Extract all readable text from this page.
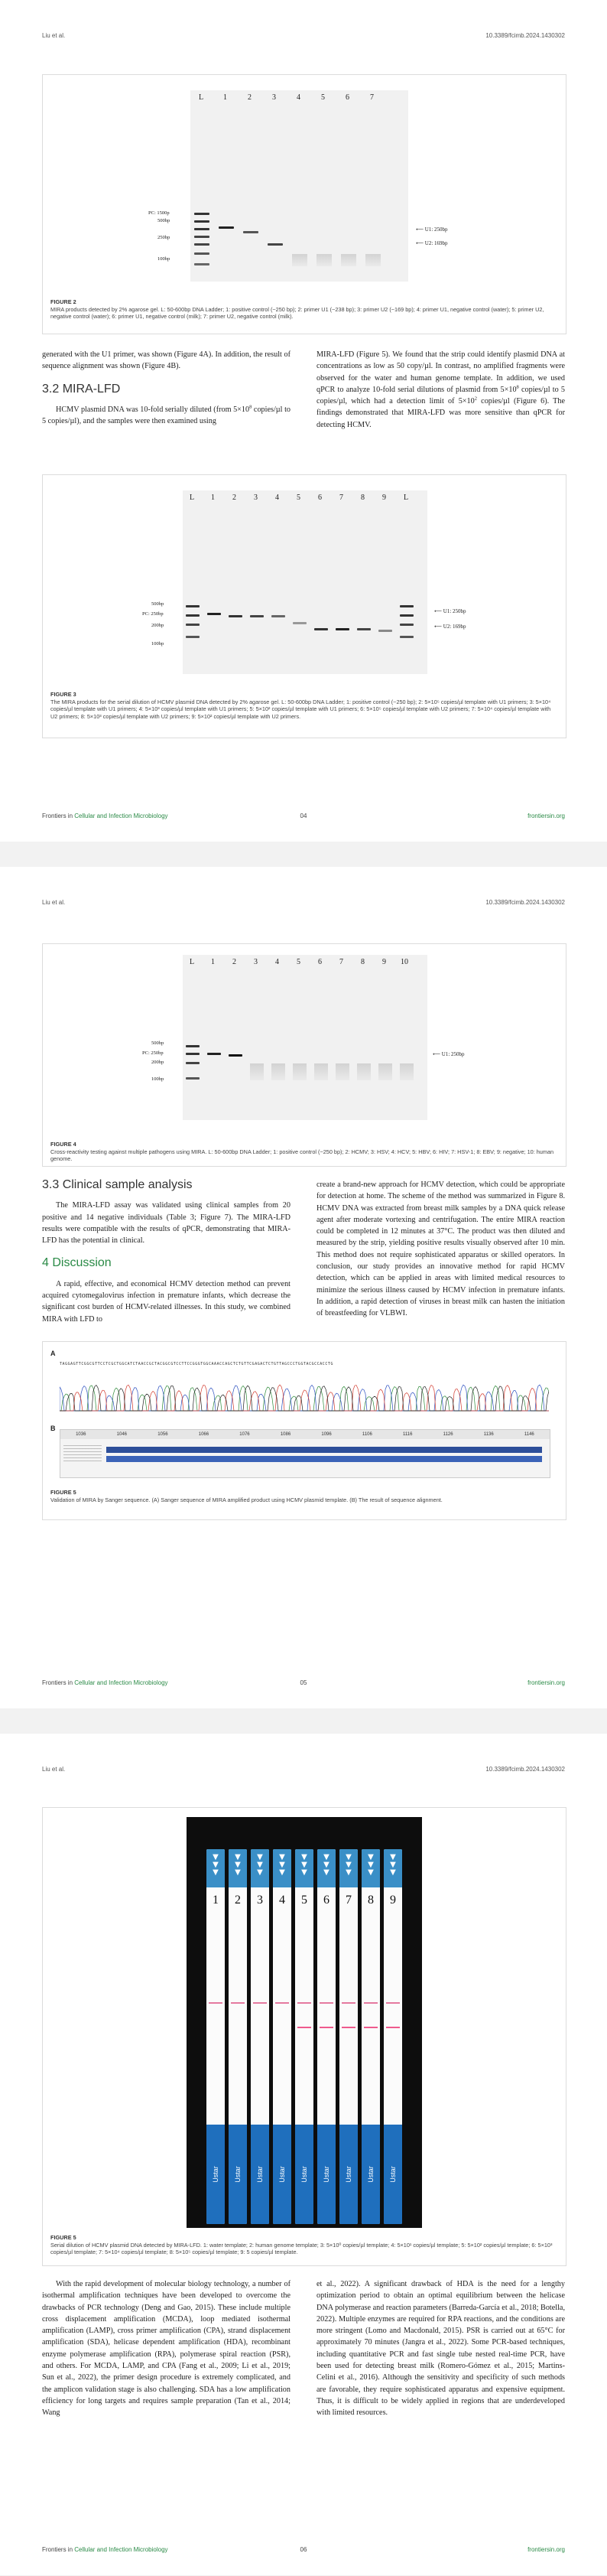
Liu et al.	10.3389/fcimb.2024.1430302
L	1	2	3	4	5	6	7
PC: 1500p
500bp
250bp
100bp
⟵ U1: 250bp
⟵ U2: 169bp
FIGURE 2
MIRA products detected by 2% agarose gel. L: 50-600bp DNA Ladder; 1: positive control (~250 bp); 2: primer U1 (~238 bp); 3: primer U2 (~169 bp); 4: primer U1, negative control (water); 5: primer U2, negative control (water); 6: primer U1, negative control (milk); 7: primer U2, negative control (milk).

generated with the U1 primer, was shown (Figure 4A). In addition, the result of sequence alignment was shown (Figure 4B).

3.2 MIRA-LFD

HCMV plasmid DNA was 10-fold serially diluted (from $5\times 10^8$ copies/µl to 5 copies/µl), and the samples were then examined using

MIRA-LFD (Figure 5). We found that the strip could identify plasmid DNA at concentrations as low as 50 copy/µl. In contrast, no amplified fragments were observed for the water and human genome template. In addition, we used qPCR to analyze 10-fold serial dilutions of plasmid from $5\times 10^8$ copies/µl to 5 copies/µl, which had a detection limit of $5\times 10^2$ copies/µl (Figure 6). The findings demonstrated that MIRA-LFD was more sensitive than qPCR for detecting HCMV.

L 1 2 3 4 5 6 7 8 9 L
500bp
PC: 250bp
200bp
100bp
⟵ U1: 250bp
⟵ U2: 169bp
FIGURE 3
The MIRA products for the serial dilution of HCMV plasmid DNA detected by 2% agarose gel. L: 50-600bp DNA Ladder; 1: positive control (~250 bp); 2: 5×10⁵ copies/µl template with U1 primers; 3: 5×10⁴ copies/µl template with U1 primers; 4: 5×10³ copies/µl template with U1 primers; 5: 5×10² copies/µl template with U1 primers; 6: 5×10⁵ copies/µl template with U2 primers; 7: 5×10⁴ copies/µl template with U2 primers; 8: 5×10³ copies/µl template with U2 primers; 9: 5×10² copies/µl template with U2 primers.
Frontiers in Cellular and Infection Microbiology	04	frontiersin.org
Liu et al.	10.3389/fcimb.2024.1430302
L 1 2 3 4 5 6 7 8 9 10
500bp
PC: 250bp
200bp
100bp
⟵ U1: 250bp
FIGURE 4
Cross-reactivity testing against multiple pathogens using MIRA. L: 50-600bp DNA Ladder; 1: positive control (~250 bp); 2: HCMV; 3: HSV; 4: HCV; 5: HBV; 6: HIV; 7: HSV-1; 8: EBV; 9: negative; 10: human genome.
3.3 Clinical sample analysis

The MIRA-LFD assay was validated using clinical samples from 20 positive and 14 negative individuals (Table 3; Figure 7). The MIRA-LFD results were compatible with the results of qPCR, demonstrating that MIRA-LFD has the potential in clinical.

4 Discussion

A rapid, effective, and economical HCMV detection method can prevent acquired cytomegalovirus infection in premature infants, which decrease the significant cost burden of HCMV-related illnesses. In this study, we combined MIRA with LFD to

create a brand-new approach for HCMV detection, which could be appropriate for detection at home. The scheme of the method was summarized in Figure 8. HCMV DNA was extracted from breast milk samples by a DNA quick release agent after moderate vortexing and centrifugation. The entire MIRA reaction could be completed in 12 minutes at 37°C. The product was then diluted and measured by the strip, yielding positive results visually observed after 10 min. This method does not require sophisticated apparatus or skilled operators. In conclusion, our study provides an innovative method for rapid HCMV detection, which can be applied in areas with limited medical resources to minimize the serious illness caused by HCMV infection in premature infants. In addition, a rapid detection of viruses in breast milk can hasten the initiation of breastfeeding for VLBWI.

A
TAGGAGTTCGGCGTTCCTCGCTGGCATCTAACCGCTACGGCGTCCTTCCGGGTGGCAAACCAGCTCTGTTCGAGACTCTGTTAGCCCTGGTACGCCACCTG
B
1036	1046	1056	1066	1076	1086	1096	1106	1116	1126	1136	1146
FIGURE 5
Validation of MIRA by Sanger sequence. (A) Sanger sequence of MIRA amplified product using HCMV plasmid template. (B) The result of sequence alignment.
Frontiers in Cellular and Infection Microbiology	05	frontiersin.org
Liu et al.	10.3389/fcimb.2024.1430302
▼
▼
▼
1
Ustar
▼
▼
▼
2
Ustar
▼
▼
▼
3
Ustar
▼
▼
▼
4
Ustar
▼
▼
▼
5
Ustar
▼
▼
▼
6
Ustar
▼
▼
▼
7
Ustar
▼
▼
▼
8
Ustar
▼
▼
▼
9
Ustar
FIGURE 5
Serial dilution of HCMV plasmid DNA detected by MIRA-LFD. 1: water template; 2: human genome template; 3: 5×10⁰ copies/µl template; 4: 5×10¹ copies/µl template; 5: 5×10² copies/µl template; 6: 5×10³ copies/µl template; 7: 5×10⁴ copies/µl template; 8: 5×10⁵ copies/µl template; 9: 5 copies/µl template.

With the rapid development of molecular biology technology, a number of isothermal amplification techniques have been developed to overcome the drawbacks of PCR technology (Deng and Gao, 2015). These include multiple cross displacement amplification (MCDA), loop mediated isothermal amplification (LAMP), cross primer amplification (CPA), strand displacement amplification (SDA), helicase dependent amplification (HDA), recombinant enzyme polymerase amplification (RPA), polymerase spiral reaction (PSR), and others. For MCDA, LAMP, and CPA (Fang et al., 2009; Li et al., 2019; Sun et al., 2022), the primer design procedure is extremely complicated, and the amplicon validation stage is also challenging. SDA has a low amplification efficiency for long targets and requires sample preparation (Tan et al., 2014; Wang

et al., 2022). A significant drawback of HDA is the need for a lengthy optimization period to obtain an optimal equilibrium between the helicase DNA polymerase and reaction parameters (Barreda-García et al., 2018; Botella, 2022). Multiple enzymes are required for RPA reactions, and the conditions are more stringent (Lomo and Macdonald, 2015). PSR is carried out at 65°C for approximately 70 minutes (Jangra et al., 2022). Some PCR-based techniques, including quantitative PCR and fast single tube nested real-time PCR, have been used for detecting breast milk (Romero-Gómez et al., 2015; Martins-Celini et al., 2016). Although the sensitivity and specificity of such methods are favorable, they require sophisticated apparatus and expensive equipment. Thus, it is difficult to be widely applied in regions that are underdeveloped with limited resources.

Frontiers in Cellular and Infection Microbiology	06	frontiersin.org
